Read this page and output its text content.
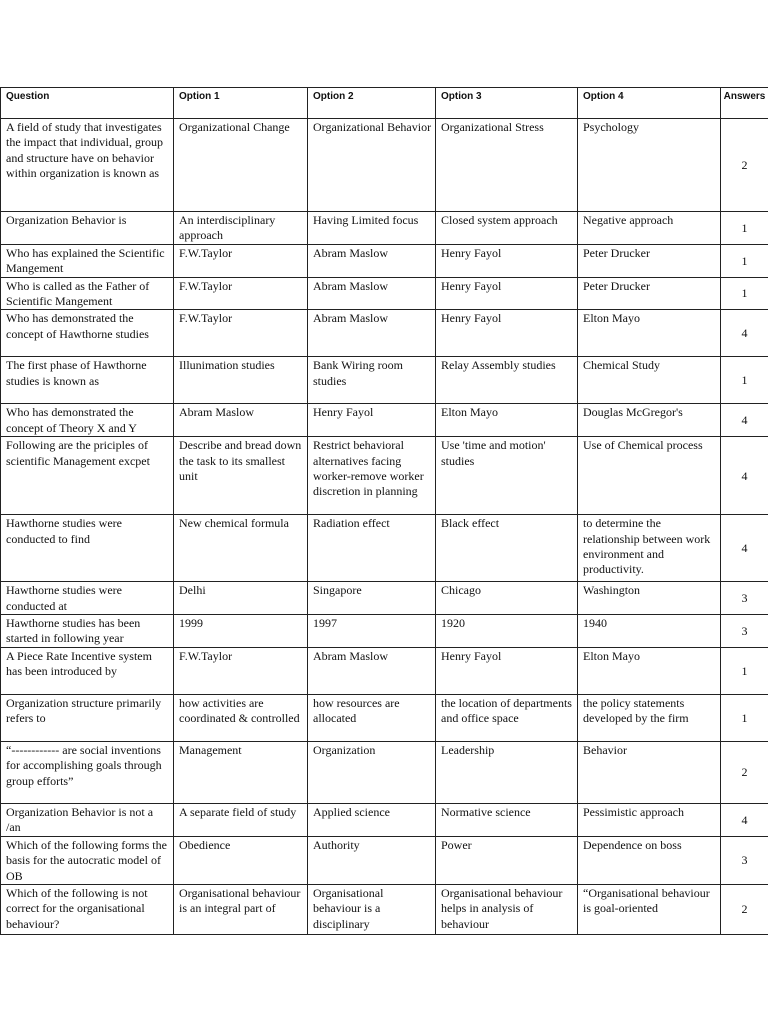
Question	Option 1	Option 2	Option 3	Option 4	Answers
A field of study that investigates the impact that individual, group and structure have on behavior within organization is known as	Organizational Change	Organizational Behavior	Organizational Stress	Psychology	2
Organization Behavior is	An interdisciplinary approach	Having Limited focus	Closed system approach	Negative approach	1
Who has explained the Scientific Mangement	F.W.Taylor	Abram Maslow	Henry Fayol	Peter Drucker	1
Who is called as the Father of Scientific Mangement	F.W.Taylor	Abram Maslow	Henry Fayol	Peter Drucker	1
Who has demonstrated the concept of Hawthorne studies	F.W.Taylor	Abram Maslow	Henry Fayol	Elton Mayo	4
The first phase of Hawthorne studies is known as	Illunimation studies	Bank Wiring room studies	Relay Assembly studies	Chemical Study	1
Who has demonstrated the concept of Theory X and Y	Abram Maslow	Henry Fayol	Elton Mayo	Douglas McGregor's	4
Following are the priciples of scientific Management excpet	Describe and bread down the task to its smallest unit	Restrict behavioral alternatives facing worker-remove worker discretion in planning	Use 'time and motion' studies	Use of Chemical process	4
Hawthorne studies were conducted to find	New chemical formula	Radiation effect	Black effect	to determine the relationship between work environment and productivity.	4
Hawthorne studies were conducted at	Delhi	Singapore	Chicago	Washington	3
Hawthorne studies has been started in following year	1999	1997	1920	1940	3
A Piece Rate Incentive system has been introduced by	F.W.Taylor	Abram Maslow	Henry Fayol	Elton Mayo	1
Organization structure primarily refers to	how activities are coordinated & controlled	how resources are allocated	the location of departments and office space	the policy statements developed by the firm	1
“------------ are social inventions for accomplishing goals through group efforts”	Management	Organization	Leadership	Behavior	2
Organization Behavior is not a /an	A separate field of study	Applied science	Normative science	Pessimistic approach	4
Which of the following forms the basis for the autocratic model of OB	Obedience	Authority	Power	Dependence on boss	3
Which of the following is not correct for the organisational behaviour?	Organisational behaviour is an integral part of	Organisational behaviour is a disciplinary	Organisational behaviour helps in analysis of behaviour	“Organisational behaviour is goal-oriented	2
